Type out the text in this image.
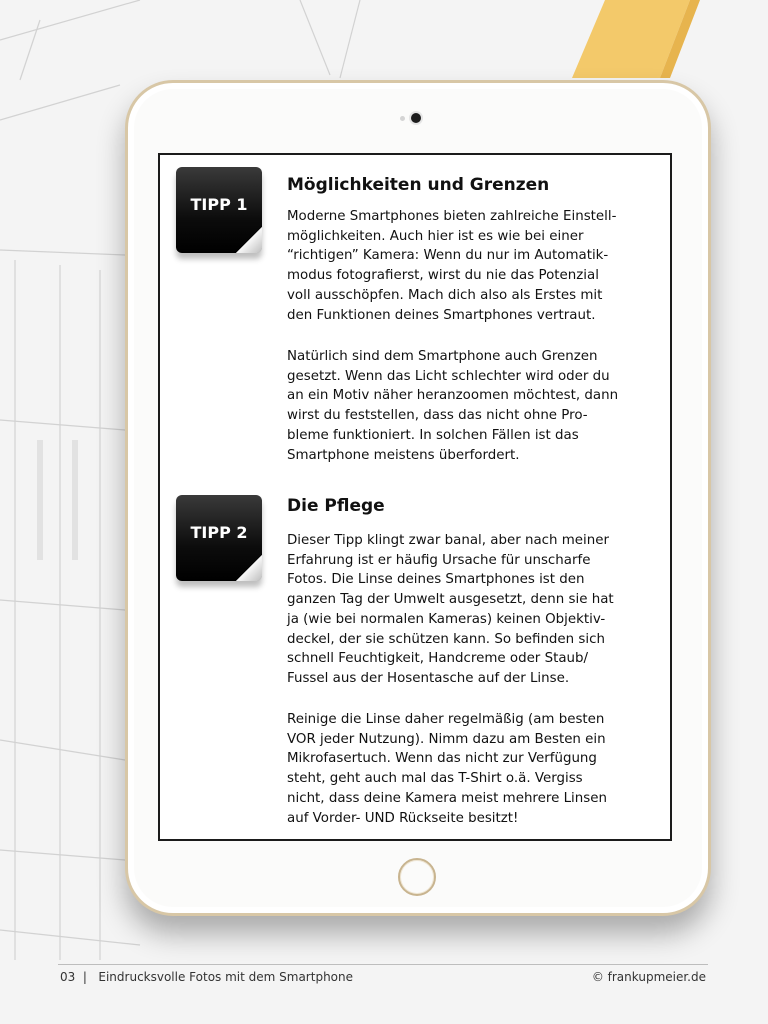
TIPP 1
Möglichkeiten und Grenzen
Moderne Smartphones bieten zahlreiche Einstell-
möglichkeiten. Auch hier ist es wie bei einer
“richtigen” Kamera: Wenn du nur im Automatik-
modus fotografierst, wirst du nie das Potenzial
voll ausschöpfen. Mach dich also als Erstes mit
den Funktionen deines Smartphones vertraut.
Natürlich sind dem Smartphone auch Grenzen
gesetzt. Wenn das Licht schlechter wird oder du
an ein Motiv näher heranzoomen möchtest, dann
wirst du feststellen, dass das nicht ohne Pro-
bleme funktioniert. In solchen Fällen ist das
Smartphone meistens überfordert.
TIPP 2
Die Pflege
Dieser Tipp klingt zwar banal, aber nach meiner
Erfahrung ist er häufig Ursache für unscharfe
Fotos. Die Linse deines Smartphones ist den
ganzen Tag der Umwelt ausgesetzt, denn sie hat
ja (wie bei normalen Kameras) keinen Objektiv-
deckel, der sie schützen kann. So befinden sich
schnell Feuchtigkeit, Handcreme oder Staub/
Fussel aus der Hosentasche auf der Linse.
Reinige die Linse daher regelmäßig (am besten
VOR jeder Nutzung). Nimm dazu am Besten ein
Mikrofasertuch. Wenn das nicht zur Verfügung
steht, geht auch mal das T-Shirt o.ä. Vergiss
nicht, dass deine Kamera meist mehrere Linsen
auf Vorder- UND Rückseite besitzt!
03  |   Eindrucksvolle Fotos mit dem Smartphone	© frankupmeier.de
